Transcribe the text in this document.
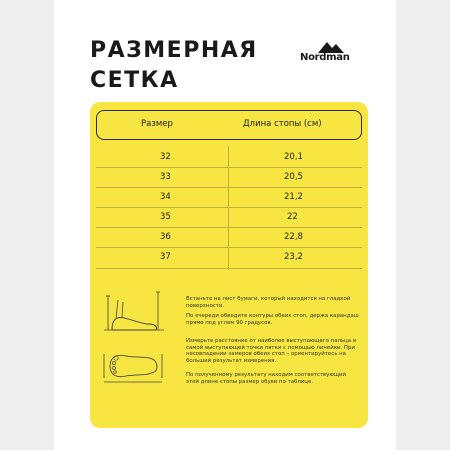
РАЗМЕРНАЯ
СЕТКА
Nordman
Размер	Длина стопы (см)
32	20,1
33	20,5
34	21,2
35	22
36	22,8
37	23,2
Встаньте на лист бумаги, который находится на гладкой поверхности.
По очереди обведите контуры обеих стоп, держа карандаш прямо под углом 90 градусов.
Измерьте расстояние от наиболее выступающего пальца и самой выступающей точки пятки с помощью линейки. При несовпадении замеров обеих стоп – ориентируйтесь на больший результат измерения.
По полученному результату находим соответствующий этой длине стопы размер обуви по таблице.
